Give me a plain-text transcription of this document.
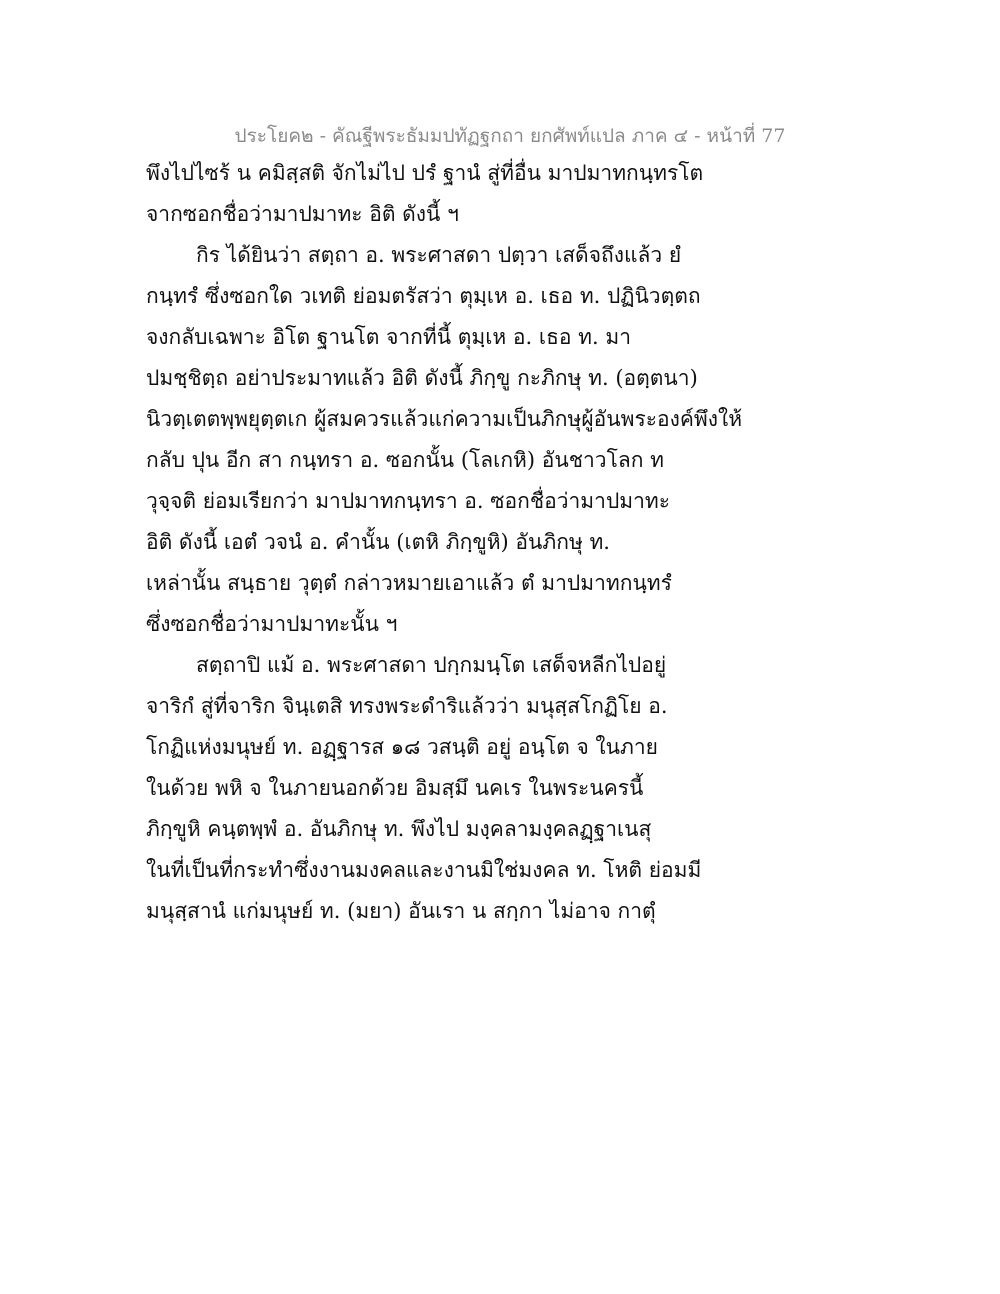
ประโยค๒ - คัณฐีพระธัมมปทัฏฐกถา ยกศัพท์แปล ภาค ๔ - หน้าที่ 77
พึงไปไซร้ น คมิสฺสติ จักไม่ไป ปรํ ฐานํ สู่ที่อื่น มาปมาทกนฺทรโต
จากซอกชื่อว่ามาปมาทะ อิติ ดังนี้ ฯ
กิร ได้ยินว่า สตฺถา อ. พระศาสดา ปตฺวา เสด็จถึงแล้ว ยํ
กนฺทรํ ซึ่งซอกใด วเทติ ย่อมตรัสว่า ตุมฺเห อ. เธอ ท. ปฏินิวตฺตถ
จงกลับเฉพาะ อิโต ฐานโต จากที่นี้ ตุมฺเห อ. เธอ ท. มา
ปมชฺชิตฺถ อย่าประมาทแล้ว อิติ ดังนี้ ภิกฺขู กะภิกษุ ท. (อตฺตนา)
นิวตฺเตตพฺพยุตฺตเก ผู้สมควรแล้วแก่ความเป็นภิกษุผู้อันพระองค์พึงให้
กลับ ปุน อีก สา กนฺทรา อ. ซอกนั้น (โลเกหิ) อันชาวโลก ท
วุจฺจติ ย่อมเรียกว่า มาปมาทกนฺทรา อ. ซอกชื่อว่ามาปมาทะ
อิติ ดังนี้ เอตํ วจนํ อ. คำนั้น (เตหิ ภิกฺขูหิ) อันภิกษุ ท.
เหล่านั้น สนฺธาย วุตฺตํ กล่าวหมายเอาแล้ว ตํ มาปมาทกนฺทรํ
ซึ่งซอกชื่อว่ามาปมาทะนั้น ฯ
สตฺถาปิ แม้ อ. พระศาสดา ปกฺกมนฺโต เสด็จหลีกไปอยู่
จาริกํ สู่ที่จาริก จินฺเตสิ ทรงพระดำริแล้วว่า มนุสฺสโกฏิโย อ.
โกฏิแห่งมนุษย์ ท. อฏฺฐารส ๑๘ วสนฺติ อยู่ อนฺโต จ ในภาย
ในด้วย พหิ จ ในภายนอกด้วย อิมสฺมึ นคเร ในพระนครนี้
ภิกฺขูหิ คนฺตพฺพํ อ. อันภิกษุ ท. พึงไป มงฺคลามงฺคลฏฺฐาเนสุ
ในที่เป็นที่กระทำซึ่งงานมงคลและงานมิใช่มงคล ท. โหติ ย่อมมี
มนุสฺสานํ แก่มนุษย์ ท. (มยา) อันเรา น สกฺกา ไม่อาจ กาตุํ
